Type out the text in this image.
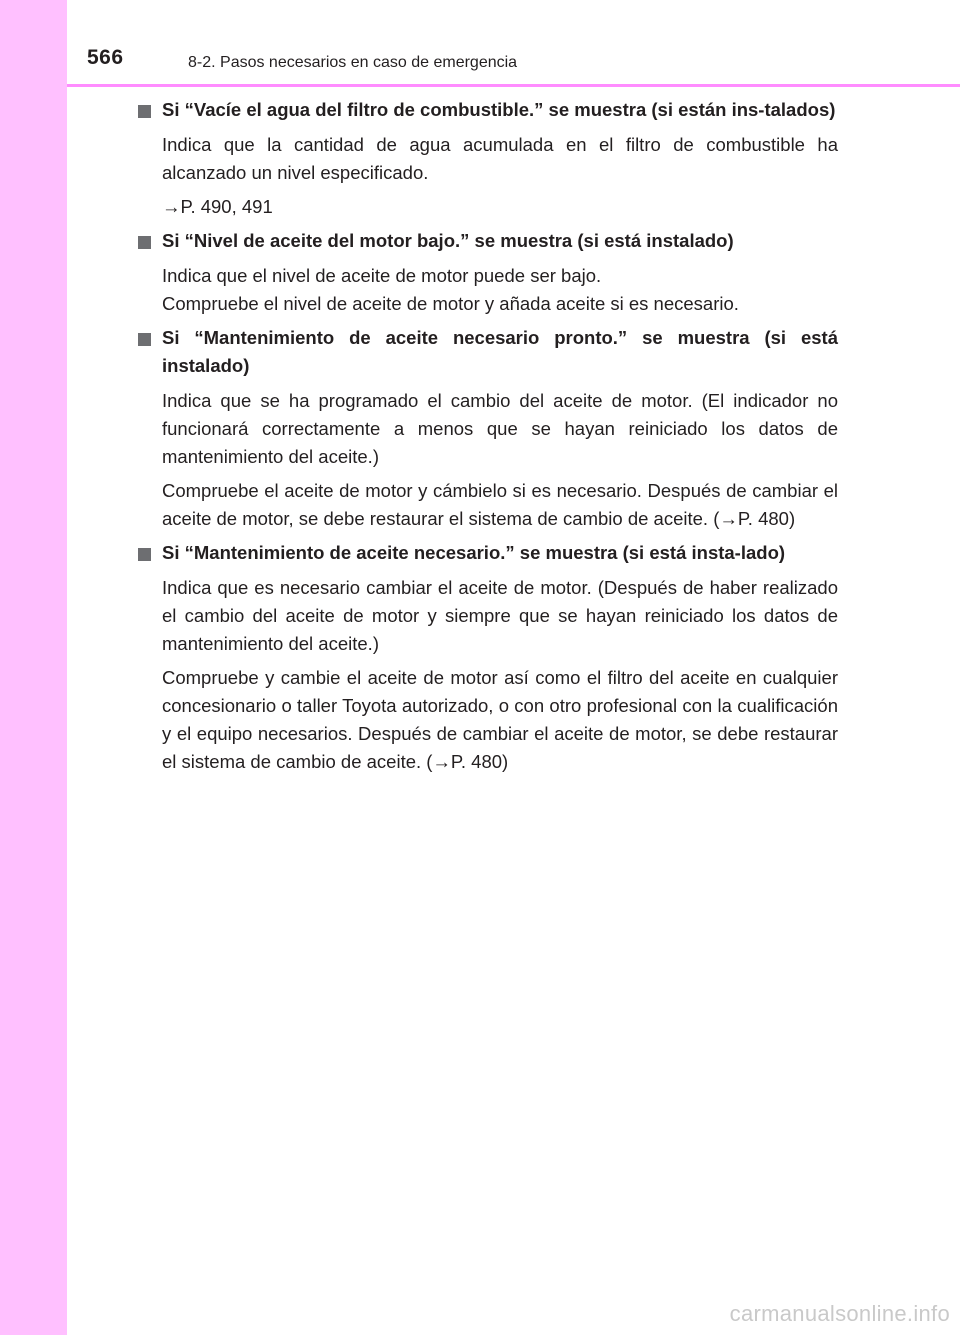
566	8-2. Pasos necesarios en caso de emergencia

Si “Vacíe el agua del filtro de combustible.” se muestra (si están ins-talados)

Indica que la cantidad de agua acumulada en el filtro de combustible ha alcanzado un nivel especificado.

→P. 490, 491

Si “Nivel de aceite del motor bajo.” se muestra (si está instalado)

Indica que el nivel de aceite de motor puede ser bajo.
Compruebe el nivel de aceite de motor y añada aceite si es necesario.

Si “Mantenimiento de aceite necesario pronto.” se muestra (si está instalado)

Indica que se ha programado el cambio del aceite de motor. (El indicador no funcionará correctamente a menos que se hayan reiniciado los datos de mantenimiento del aceite.)

Compruebe el aceite de motor y cámbielo si es necesario. Después de cambiar el aceite de motor, se debe restaurar el sistema de cambio de aceite. (→P. 480)

Si “Mantenimiento de aceite necesario.” se muestra (si está insta-lado)

Indica que es necesario cambiar el aceite de motor. (Después de haber realizado el cambio del aceite de motor y siempre que se hayan reiniciado los datos de mantenimiento del aceite.)

Compruebe y cambie el aceite de motor así como el filtro del aceite en cualquier concesionario o taller Toyota autorizado, o con otro profesional con la cualificación y el equipo necesarios. Después de cambiar el aceite de motor, se debe restaurar el sistema de cambio de aceite. (→P. 480)

carmanualsonline.info
